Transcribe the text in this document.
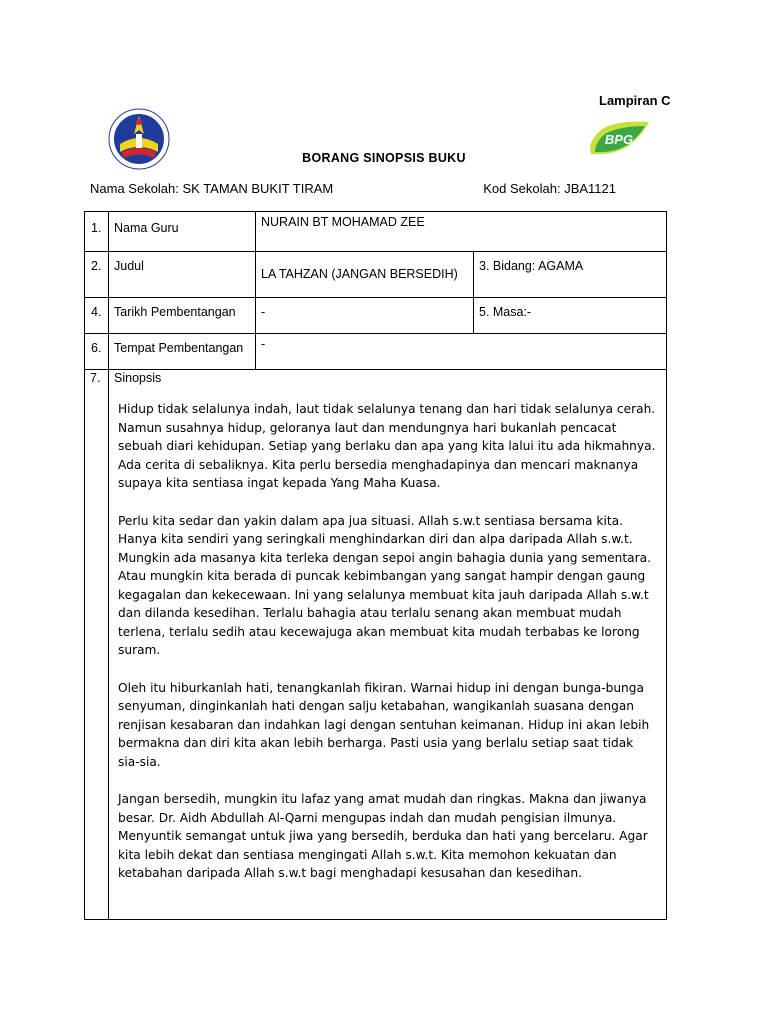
Lampiran C
BPG
BORANG SINOPSIS BUKU
Nama Sekolah: SK TAMAN BUKIT TIRAM	Kod Sekolah: JBA1121
1.	Nama Guru	NURAIN BT MOHAMAD ZEE	
2.	Judul	LA TAHZAN (JANGAN BERSEDIH)	3. Bidang: AGAMA
4.	Tarikh Pembentangan	-	5. Masa:-
6.	Tempat Pembentangan	-	
7.	Sinopsis

Hidup tidak selalunya indah, laut tidak selalunya tenang dan hari tidak selalunya cerah. Namun susahnya hidup, geloranya laut dan mendungnya hari bukanlah pencacat sebuah diari kehidupan. Setiap yang berlaku dan apa yang kita lalui itu ada hikmahnya. Ada cerita di sebaliknya. Kita perlu bersedia menghadapinya dan mencari maknanya supaya kita sentiasa ingat kepada Yang Maha Kuasa.

Perlu kita sedar dan yakin dalam apa jua situasi. Allah s.w.t sentiasa bersama kita. Hanya kita sendiri yang seringkali menghindarkan diri dan alpa daripada Allah s.w.t. Mungkin ada masanya kita terleka dengan sepoi angin bahagia dunia yang sementara. Atau mungkin kita berada di puncak kebimbangan yang sangat hampir dengan gaung kegagalan dan kekecewaan. Ini yang selalunya membuat kita jauh daripada Allah s.w.t dan dilanda kesedihan. Terlalu bahagia atau terlalu senang akan membuat mudah terlena, terlalu sedih atau kecewajuga akan membuat kita mudah terbabas ke lorong suram.

Oleh itu hiburkanlah hati, tenangkanlah fikiran. Warnai hidup ini dengan bunga-bunga senyuman, dinginkanlah hati dengan salju ketabahan, wangikanlah suasana dengan renjisan kesabaran dan indahkan lagi dengan sentuhan keimanan. Hidup ini akan lebih bermakna dan diri kita akan lebih berharga. Pasti usia yang berlalu setiap saat tidak sia-sia.

Jangan bersedih, mungkin itu lafaz yang amat mudah dan ringkas. Makna dan jiwanya besar. Dr. Aidh Abdullah Al-Qarni mengupas indah dan mudah pengisian ilmunya. Menyuntik semangat untuk jiwa yang bersedih, berduka dan hati yang bercelaru. Agar kita lebih dekat dan sentiasa mengingati Allah s.w.t. Kita memohon kekuatan dan ketabahan daripada Allah s.w.t bagi menghadapi kesusahan dan kesedihan.		
